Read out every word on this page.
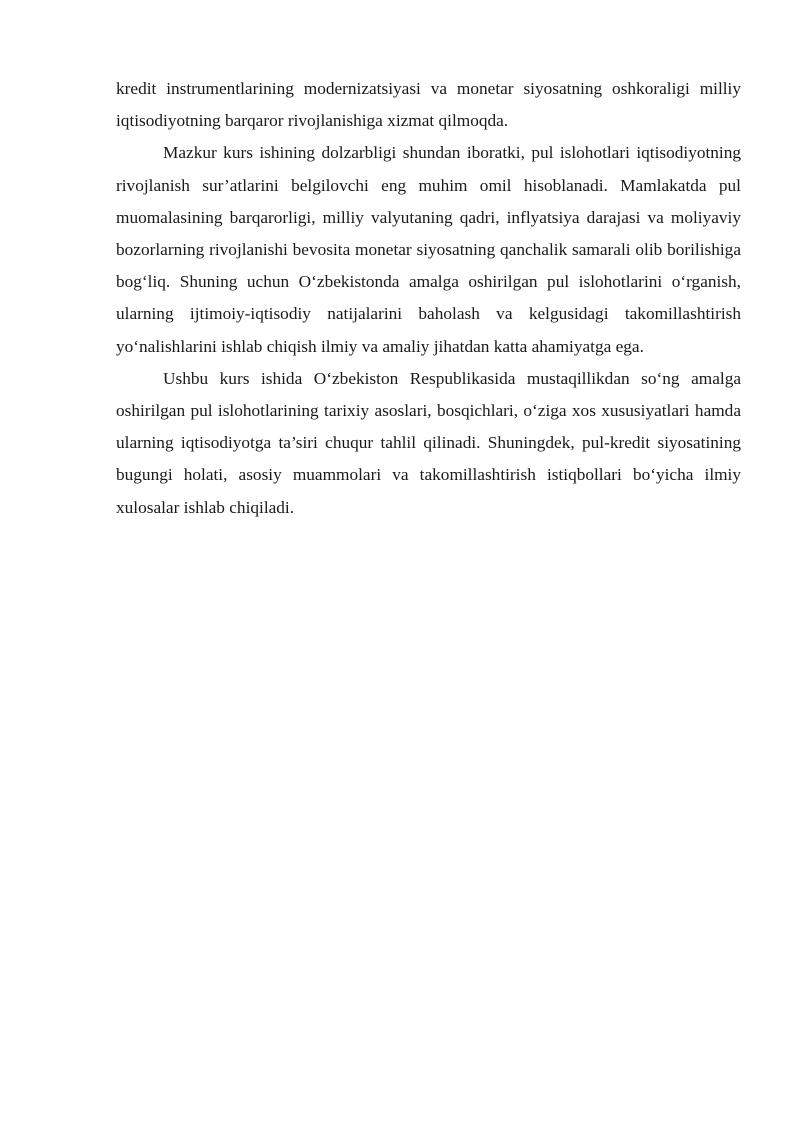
kredit instrumentlarining modernizatsiyasi va monetar siyosatning oshkoraligi milliy iqtisodiyotning barqaror rivojlanishiga xizmat qilmoqda.

Mazkur kurs ishining dolzarbligi shundan iboratki, pul islohotlari iqtisodiyotning rivojlanish sur’atlarini belgilovchi eng muhim omil hisoblanadi. Mamlakatda pul muomalasining barqarorligi, milliy valyutaning qadri, inflyatsiya darajasi va moliyaviy bozorlarning rivojlanishi bevosita monetar siyosatning qanchalik samarali olib borilishiga bog‘liq. Shuning uchun O‘zbekistonda amalga oshirilgan pul islohotlarini o‘rganish, ularning ijtimoiy-iqtisodiy natijalarini baholash va kelgusidagi takomillashtirish yo‘nalishlarini ishlab chiqish ilmiy va amaliy jihatdan katta ahamiyatga ega.

Ushbu kurs ishida O‘zbekiston Respublikasida mustaqillikdan so‘ng amalga oshirilgan pul islohotlarining tarixiy asoslari, bosqichlari, o‘ziga xos xususiyatlari hamda ularning iqtisodiyotga ta’siri chuqur tahlil qilinadi. Shuningdek, pul-kredit siyosatining bugungi holati, asosiy muammolari va takomillashtirish istiqbollari bo‘yicha ilmiy xulosalar ishlab chiqiladi.
